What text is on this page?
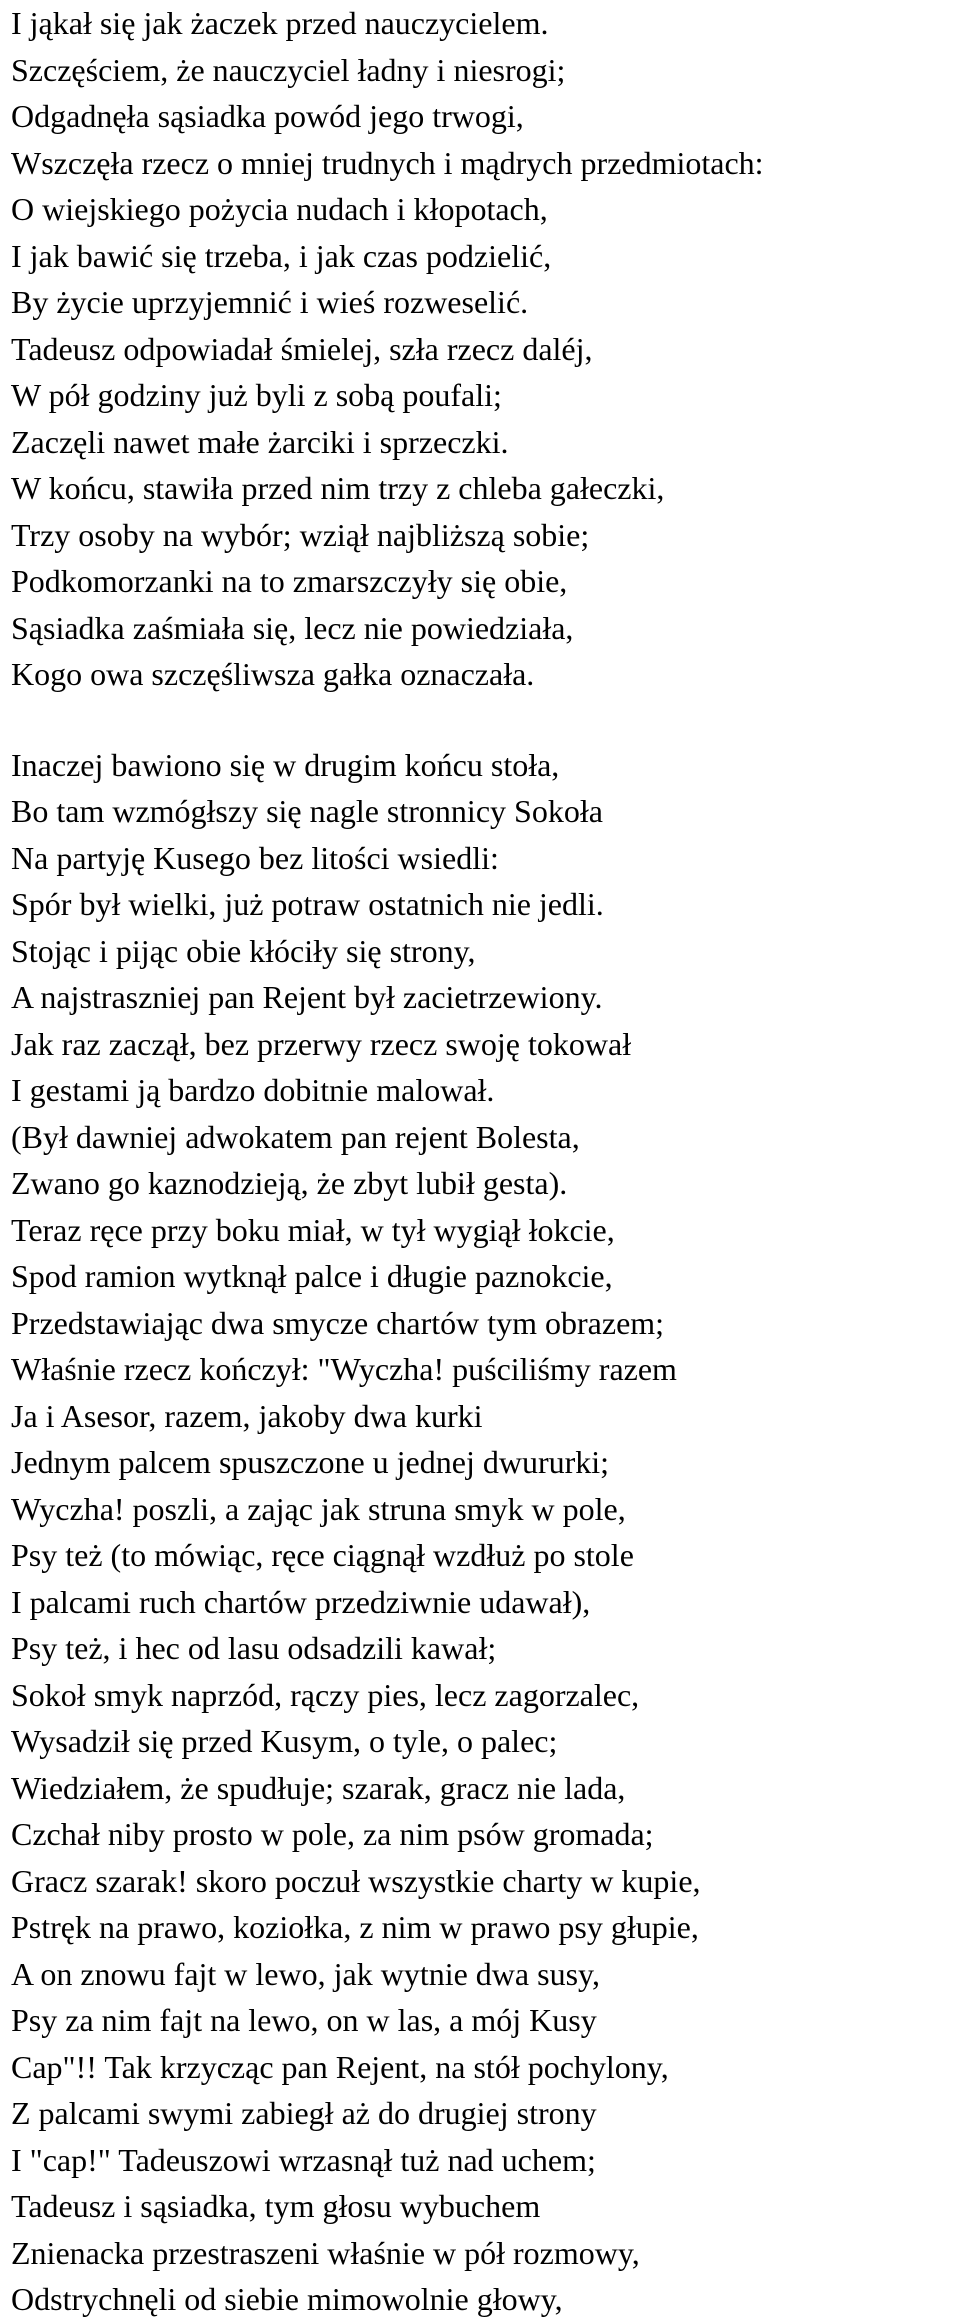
I jąkał się jak żaczek przed nauczycielem.
Szczęściem, że nauczyciel ładny i niesrogi;
Odgadnęła sąsiadka powód jego trwogi,
Wszczęła rzecz o mniej trudnych i mądrych przedmiotach:
O wiejskiego pożycia nudach i kłopotach,
I jak bawić się trzeba, i jak czas podzielić,
By życie uprzyjemnić i wieś rozweselić.
Tadeusz odpowiadał śmielej, szła rzecz daléj,
W pół godziny już byli z sobą poufali;
Zaczęli nawet małe żarciki i sprzeczki.
W końcu, stawiła przed nim trzy z chleba gałeczki,
Trzy osoby na wybór; wziął najbliższą sobie;
Podkomorzanki na to zmarszczyły się obie,
Sąsiadka zaśmiała się, lecz nie powiedziała,
Kogo owa szczęśliwsza gałka oznaczała.
Inaczej bawiono się w drugim końcu stoła,
Bo tam wzmógłszy się nagle stronnicy Sokoła
Na partyję Kusego bez litości wsiedli:
Spór był wielki, już potraw ostatnich nie jedli.
Stojąc i pijąc obie kłóciły się strony,
A najstraszniej pan Rejent był zacietrzewiony.
Jak raz zaczął, bez przerwy rzecz swoję tokował
I gestami ją bardzo dobitnie malował.
(Był dawniej adwokatem pan rejent Bolesta,
Zwano go kaznodzieją, że zbyt lubił gesta).
Teraz ręce przy boku miał, w tył wygiął łokcie,
Spod ramion wytknął palce i długie paznokcie,
Przedstawiając dwa smycze chartów tym obrazem;
Właśnie rzecz kończył: "Wyczha! puściliśmy razem
Ja i Asesor, razem, jakoby dwa kurki
Jednym palcem spuszczone u jednej dwururki;
Wyczha! poszli, a zając jak struna smyk w pole,
Psy też (to mówiąc, ręce ciągnął wzdłuż po stole
I palcami ruch chartów przedziwnie udawał),
Psy też, i hec od lasu odsadzili kawał;
Sokoł smyk naprzód, rączy pies, lecz zagorzalec,
Wysadził się przed Kusym, o tyle, o palec;
Wiedziałem, że spudłuje; szarak, gracz nie lada,
Czchał niby prosto w pole, za nim psów gromada;
Gracz szarak! skoro poczuł wszystkie charty w kupie,
Pstręk na prawo, koziołka, z nim w prawo psy głupie,
A on znowu fajt w lewo, jak wytnie dwa susy,
Psy za nim fajt na lewo, on w las, a mój Kusy
Cap"!! Tak krzycząc pan Rejent, na stół pochylony,
Z palcami swymi zabiegł aż do drugiej strony
I "cap!" Tadeuszowi wrzasnął tuż nad uchem;
Tadeusz i sąsiadka, tym głosu wybuchem
Znienacka przestraszeni właśnie w pół rozmowy,
Odstrychnęli od siebie mimowolnie głowy,
